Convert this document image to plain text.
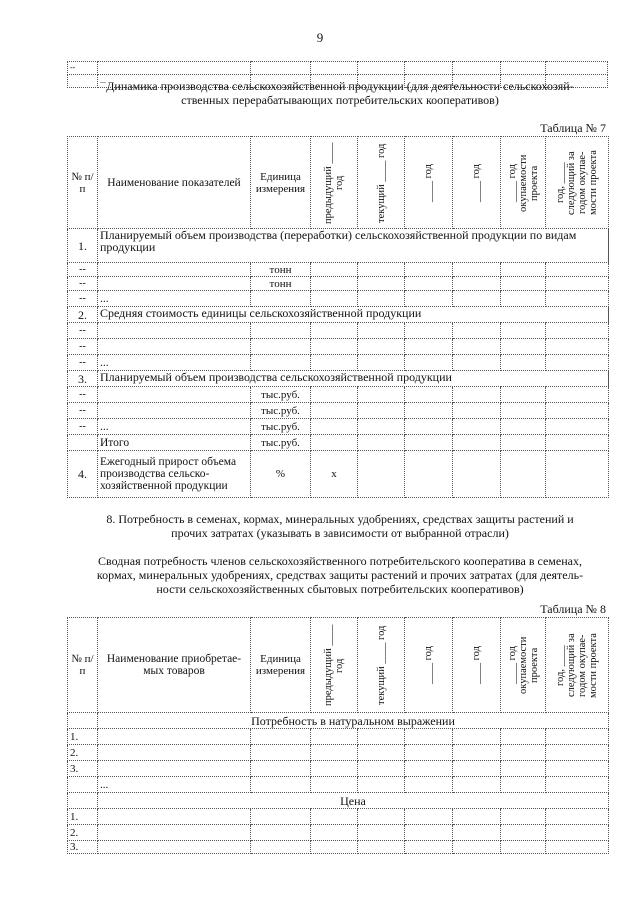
9
--								
	...							Динамика производства сельскохозяйственной продукции (для деятельности сельскохозяй-
ственных перерабатывающих потребительских кооперативов)
Таблица № 7
№ п/п	Наименование показателей	Единица измерения	предыдущий ____ год	текущий ____ год	____ год	____ год	____ год окупаемости проекта	год, ____ следующий за годом окупае-мости проекта	

1.	Планируемый объем производства (переработки) сельскохозяйственной продукции по видам продукции								
--		тонн							
--		тонн							
--	...								
2.	Средняя стоимость единицы сельскохозяйственной продукции								
--									
--									
--	...								
3.	Планируемый объем производства сельскохозяйственной продукции								
--		тыс.руб.							
--		тыс.руб.							
--	...	тыс.руб.							
	Итого	тыс.руб.							
4.	Ежегодный прирост объема производства сельско-хозяйственной продукции	%	x						
8. Потребность в семенах, кормах, минеральных удобрениях, средствах защиты растений и
прочих затратах (указывать в зависимости от выбранной отрасли)
Сводная потребность членов сельскохозяйственного потребительского кооператива в семенах,
кормах, минеральных удобрениях, средствах защиты растений и прочих затратах (для деятель-
ности сельскохозяйственных сбытовых потребительских кооперативов)
Таблица № 8
№ п/п	Наименование приобретае-мых товаров	Единица измерения	предыдущий ____ год	текущий ____ год	____ год	____ год	____ год окупаемости проекта	год, ____ следующий за годом окупае-мости проекта

	Потребность в натуральном выражении							
1.								
2.								
3.								
	...							
	Цена							
1.								
2.								
3.								
